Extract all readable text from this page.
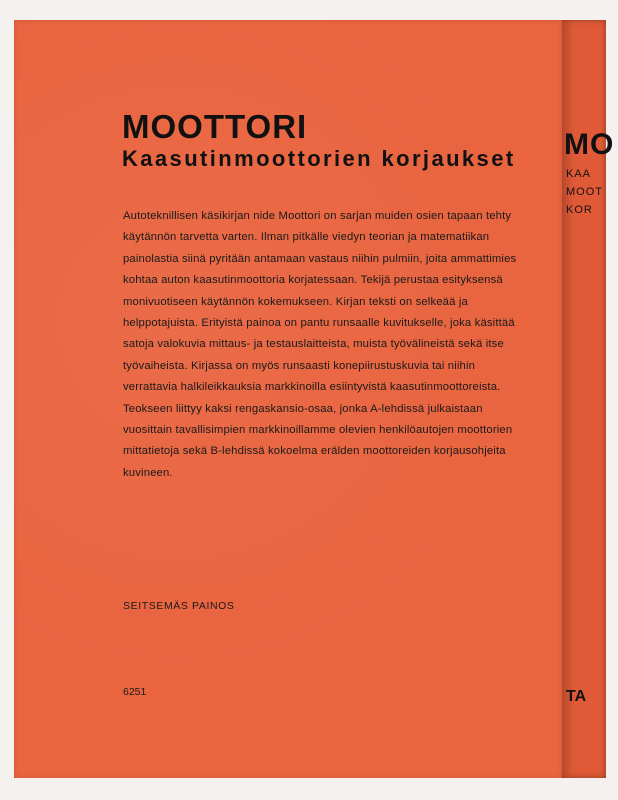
MOOTTORI
Kaasutinmoottorien korjaukset

Autoteknillisen käsikirjan nide Moottori on sarjan muiden osien tapaan tehty käytännön tarvetta varten. Ilman pitkälle viedyn teorian ja matematiikan painolastia siinä pyritään antamaan vastaus niihin pulmiin, joita ammattimies kohtaa auton kaasutinmoottoria korjatessaan. Tekijä perustaa esityksensä monivuotiseen käytännön kokemukseen. Kirjan teksti on selkeää ja helppotajuista. Erityistä painoa on pantu runsaalle kuvitukselle, joka käsittää satoja valokuvia mittaus- ja testauslaitteista, muista työvälineistä sekä itse työvaiheista. Kirjassa on myös runsaasti konepiirustuskuvia tai niihin verrattavia halkileikkauksia markkinoilla esiintyvistä kaasutinmoottoreista.

Teokseen liittyy kaksi rengaskansio-osaa, jonka A-lehdissä julkaistaan vuosittain tavallisimpien markkinoillamme olevien henkilöautojen moottorien mittatietoja sekä B-lehdissä kokoelma erälden moottoreiden korjausohjeita kuvineen.

SEITSEMÄS PAINOS
6251
MO
KAA
MOOT
KOR
TA
